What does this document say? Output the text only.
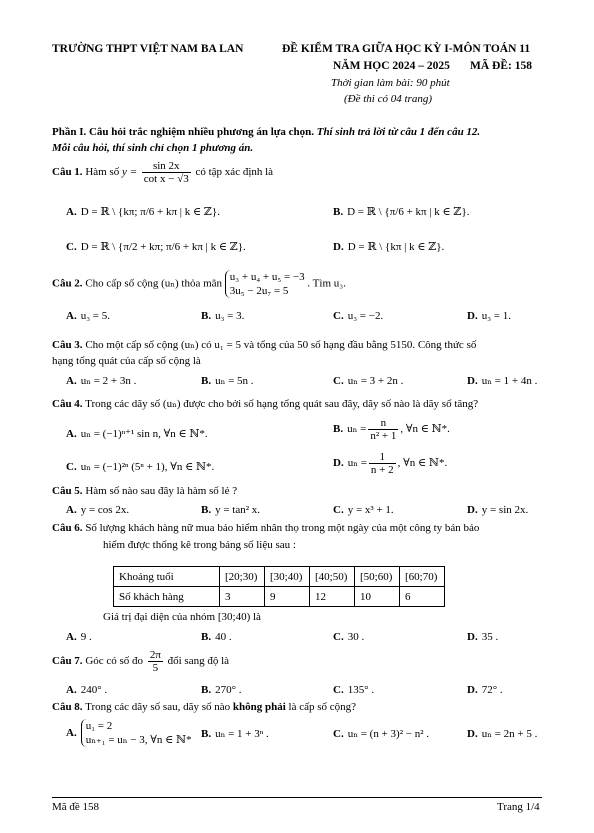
TRƯỜNG THPT VIỆT NAM BA LAN	ĐỀ KIỂM TRA GIỮA HỌC KỲ I-MÔN TOÁN 11
NĂM HỌC 2024 – 2025 MÃ ĐỀ: 158
Thời gian làm bài: 90 phút
(Đề thi có 04 trang)
Phần I. Câu hỏi trắc nghiệm nhiều phương án lựa chọn. Thí sinh trả lời từ câu 1 đến câu 12.
Mỗi câu hỏi, thí sinh chỉ chọn 1 phương án.
Câu 1. Hàm số $y = \frac{\sin 2x}{\text{cot x − √3}}$ có tập xác định là
A. D = ℝ \ {kπ; π/6 + kπ | k ∈ ℤ}.	B. D = ℝ \ {π/6 + kπ | k ∈ ℤ}.
C. D = ℝ \ {π/2 + kπ; π/6 + kπ | k ∈ ℤ}.	D. D = ℝ \ {kπ | k ∈ ℤ}.
Câu 2. Cho cấp số cộng (uₙ) thỏa mãn
u₃ + u₄ + u₅ = −3
3u₅ − 2u₇ = 5
. Tìm u₃.
A. u₃ = 5.	B. u₃ = 3.	C. u₃ = −2.	D. u₃ = 1.
Câu 3. Cho một cấp số cộng (uₙ) có u₁ = 5 và tổng của 50 số hạng đầu bằng 5150. Công thức số
hạng tổng quát của cấp số cộng là
A. uₙ = 2 + 3n .	B. uₙ = 5n .	C. uₙ = 3 + 2n .	D. uₙ = 1 + 4n .
Câu 4. Trong các dãy số (uₙ) được cho bởi số hạng tổng quát sau đây, dãy số nào là dãy số tăng?
A. uₙ = (−1)ⁿ⁺¹ sin n, ∀n ∈ ℕ*.	B. $u_n = \frac{n}{\text{n² + 1}}$ , ∀n ∈ ℕ*.
C. uₙ = (−1)²ⁿ (5ⁿ + 1), ∀n ∈ ℕ*.	D. $u_n = \frac{1}{n + 2}$ , ∀n ∈ ℕ*.
Câu 5. Hàm số nào sau đây là hàm số lẻ ?
A. y = cos 2x.	B. y = tan² x.	C. y = x³ + 1.	D. y = sin 2x.
Câu 6. Số lượng khách hàng nữ mua bảo hiểm nhân thọ trong một ngày của một công ty bán bảo
hiểm được thống kê trong bảng số liệu sau :
Khoảng tuổi	[20;30)	[30;40)	[40;50)	[50;60)	[60;70)
Số khách hàng	3	9	12	10	6
Giá trị đại diện của nhóm [30;40) là
A. 9 .	B. 40 .	C. 30 .	D. 35 .
Câu 7. Góc có số đo $\frac{2\pi}{5}$ đổi sang độ là
A. 240° .	B. 270° .	C. 135° .	D. 72° .
Câu 8. Trong các dãy số sau, dãy số nào không phải là cấp số cộng?
A.
u₁ = 2
uₙ₊₁ = uₙ − 3, ∀n ∈ ℕ* B. uₙ = 1 + 3ⁿ .	C. uₙ = (n + 3)² − n² .	D. uₙ = 2n + 5 .
Mã đề 158	Trang 1/4
